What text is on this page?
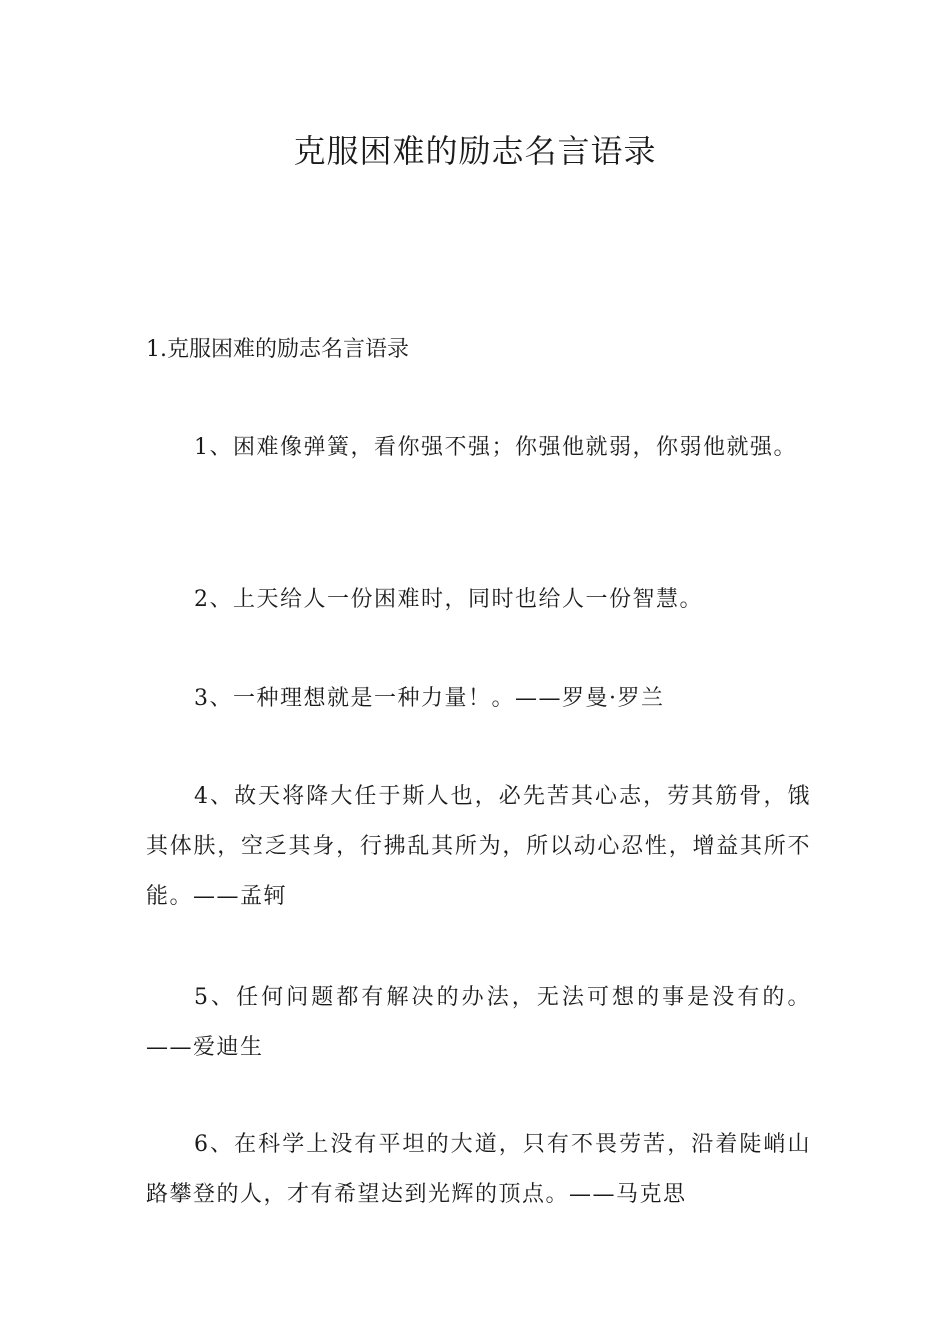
克服困难的励志名言语录

1.克服困难的励志名言语录

1、困难像弹簧，看你强不强；你强他就弱，你弱他就强。

2、上天给人一份困难时，同时也给人一份智慧。

3、一种理想就是一种力量！。——罗曼·罗兰

4、故天将降大任于斯人也，必先苦其心志，劳其筋骨，饿其体肤，空乏其身，行拂乱其所为，所以动心忍性，增益其所不能。——孟轲

5、任何问题都有解决的办法，无法可想的事是没有的。——爱迪生

6、在科学上没有平坦的大道，只有不畏劳苦，沿着陡峭山路攀登的人，才有希望达到光辉的顶点。——马克思
